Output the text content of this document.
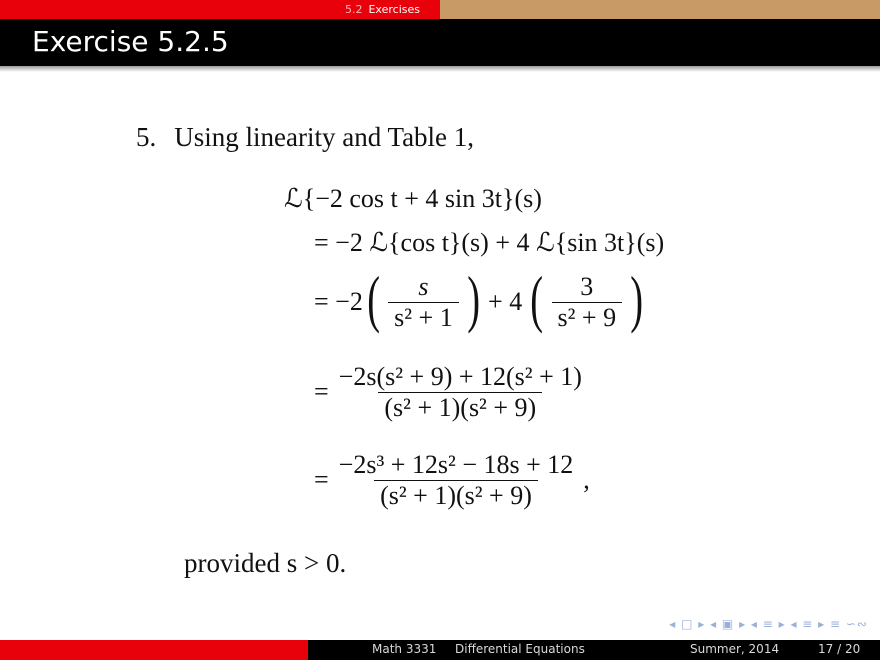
5.2 Exercises
Exercise 5.2.5
5. Using linearity and Table 1,
ℒ{−2 cos t + 4 sin 3t}(s)
= −2 ℒ{cos t}(s) + 4 ℒ{sin 3t}(s)
= −2 ( $\frac{s}{\text{s² + 1}}$ ) + 4 ( $\frac{3}{\text{s² + 9}}$ )
= $\frac{\text{−2s(s² + 9) + 12(s² + 1)}}{\text{(s² + 1)(s² + 9)}}$
= $\frac{\text{−2s³ + 12s² − 18s + 12}}{\text{(s² + 1)(s² + 9)}}$ ,
provided s > 0.
◂ □ ▸ ◂ ▣ ▸ ◂ ≡ ▸ ◂ ≡ ▸ ≡ ∽∾
Math 3331 Differential Equations	Summer, 2014	17 / 20
